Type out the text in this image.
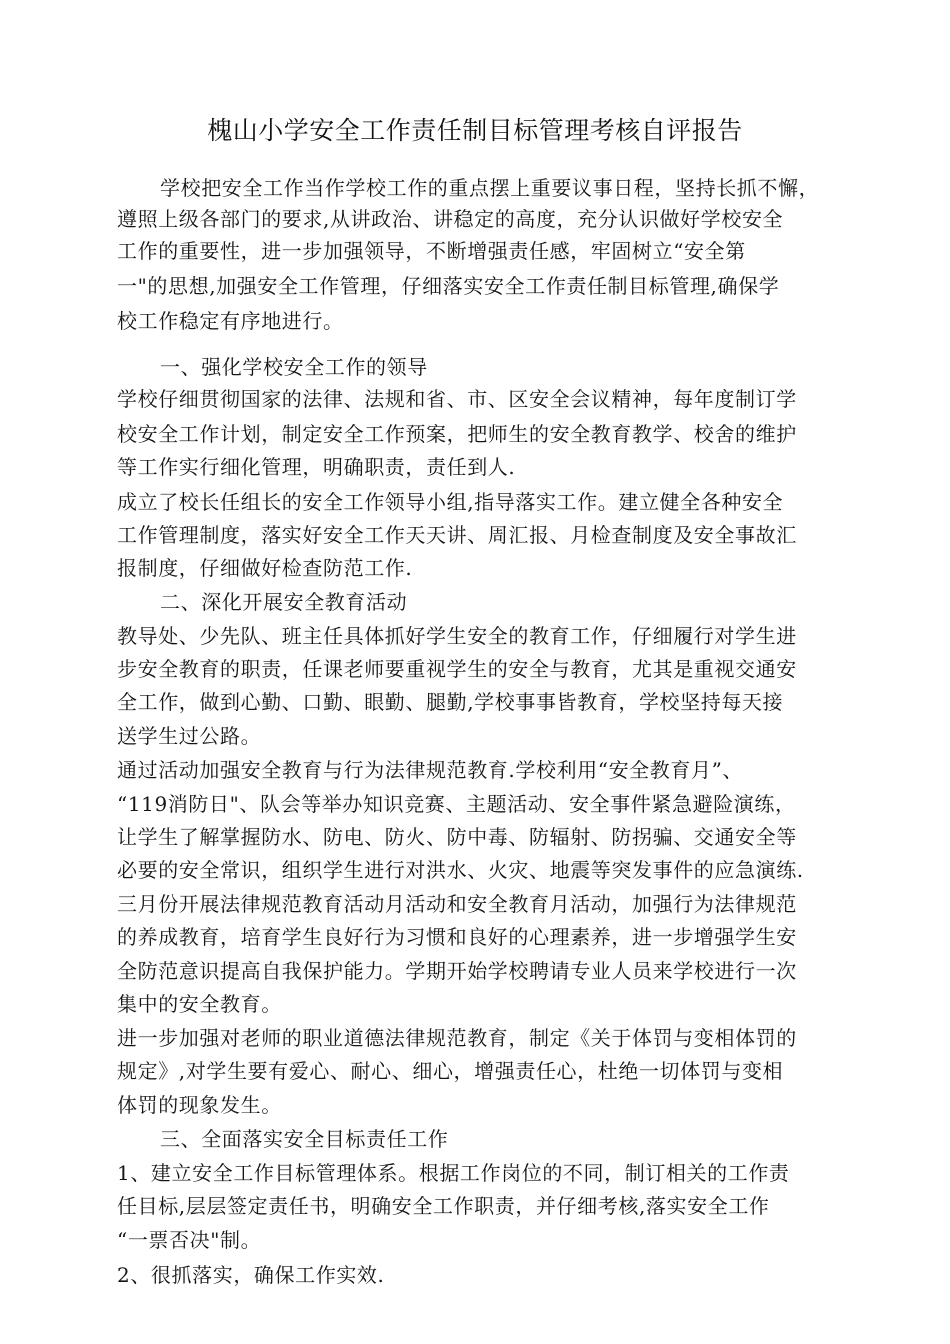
槐山小学安全工作责任制目标管理考核自评报告
学校把安全工作当作学校工作的重点摆上重要议事日程，坚持长抓不懈，
遵照上级各部门的要求,从讲政治、讲稳定的高度，充分认识做好学校安全
工作的重要性，进一步加强领导，不断增强责任感，牢固树立“安全第
一"的思想,加强安全工作管理，仔细落实安全工作责任制目标管理,确保学
校工作稳定有序地进行。
一、强化学校安全工作的领导
学校仔细贯彻国家的法律、法规和省、市、区安全会议精神，每年度制订学
校安全工作计划，制定安全工作预案，把师生的安全教育教学、校舍的维护
等工作实行细化管理，明确职责，责任到人.
成立了校长任组长的安全工作领导小组,指导落实工作。建立健全各种安全
工作管理制度，落实好安全工作天天讲、周汇报、月检查制度及安全事故汇
报制度，仔细做好检查防范工作.
二、深化开展安全教育活动
教导处、少先队、班主任具体抓好学生安全的教育工作，仔细履行对学生进
步安全教育的职责，任课老师要重视学生的安全与教育，尤其是重视交通安
全工作，做到心勤、口勤、眼勤、腿勤,学校事事皆教育，学校坚持每天接
送学生过公路。
通过活动加强安全教育与行为法律规范教育.学校利用“安全教育月”、
“119消防日"、队会等举办知识竞赛、主题活动、安全事件紧急避险演练，
让学生了解掌握防水、防电、防火、防中毒、防辐射、防拐骗、交通安全等
必要的安全常识，组织学生进行对洪水、火灾、地震等突发事件的应急演练.
三月份开展法律规范教育活动月活动和安全教育月活动，加强行为法律规范
的养成教育，培育学生良好行为习惯和良好的心理素养，进一步增强学生安
全防范意识提高自我保护能力。学期开始学校聘请专业人员来学校进行一次
集中的安全教育。
进一步加强对老师的职业道德法律规范教育，制定《关于体罚与变相体罚的
规定》,对学生要有爱心、耐心、细心，增强责任心，杜绝一切体罚与变相
体罚的现象发生。
三、全面落实安全目标责任工作
1、建立安全工作目标管理体系。根据工作岗位的不同，制订相关的工作责
任目标,层层签定责任书，明确安全工作职责，并仔细考核,落实安全工作
“一票否决"制。
2、很抓落实，确保工作实效.
